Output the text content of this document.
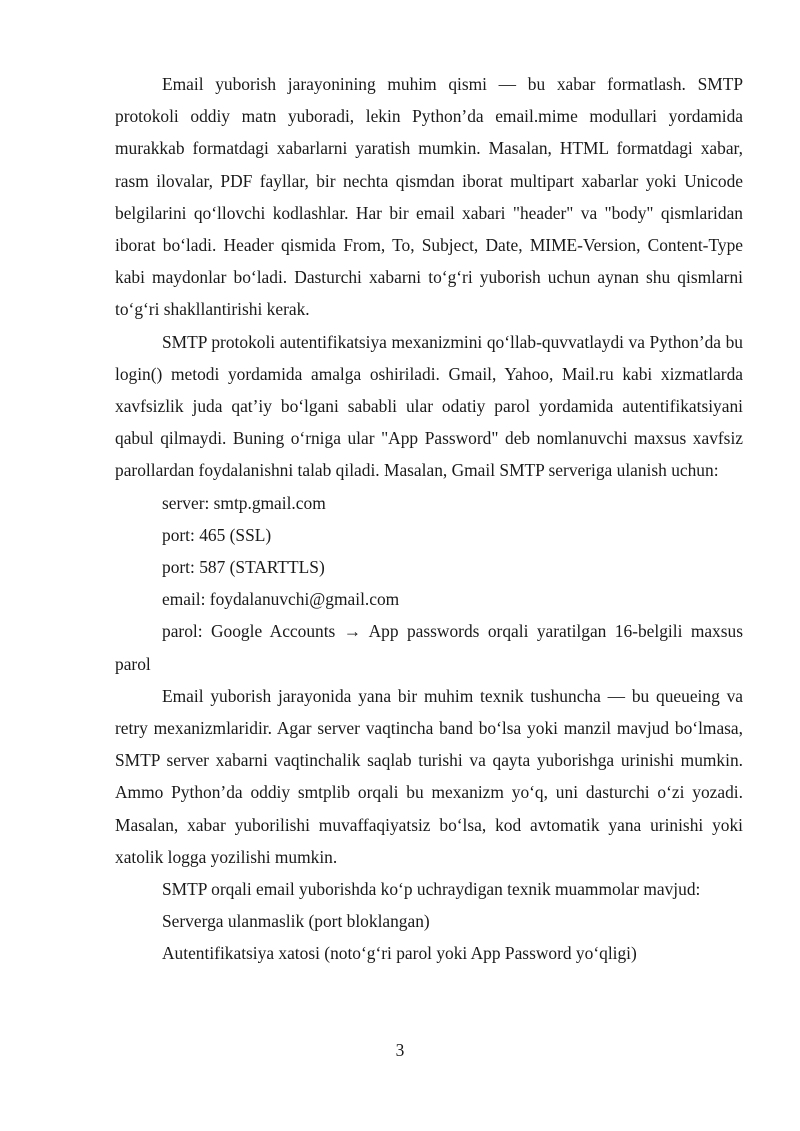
Email yuborish jarayonining muhim qismi — bu xabar formatlash. SMTP protokoli oddiy matn yuboradi, lekin Python’da email.mime modullari yordamida murakkab formatdagi xabarlarni yaratish mumkin. Masalan, HTML formatdagi xabar, rasm ilovalar, PDF fayllar, bir nechta qismdan iborat multipart xabarlar yoki Unicode belgilarini qo‘llovchi kodlashlar. Har bir email xabari "header" va "body" qismlaridan iborat bo‘ladi. Header qismida From, To, Subject, Date, MIME-Version, Content-Type kabi maydonlar bo‘ladi. Dasturchi xabarni to‘g‘ri yuborish uchun aynan shu qismlarni to‘g‘ri shakllantirishi kerak.

SMTP protokoli autentifikatsiya mexanizmini qo‘llab-quvvatlaydi va Python’da bu login() metodi yordamida amalga oshiriladi. Gmail, Yahoo, Mail.ru kabi xizmatlarda xavfsizlik juda qat’iy bo‘lgani sababli ular odatiy parol yordamida autentifikatsiyani qabul qilmaydi. Buning o‘rniga ular "App Password" deb nomlanuvchi maxsus xavfsiz parollardan foydalanishni talab qiladi. Masalan, Gmail SMTP serveriga ulanish uchun:

server: smtp.gmail.com

port: 465 (SSL)

port: 587 (STARTTLS)

email: foydalanuvchi@gmail.com

parol: Google Accounts → App passwords orqali yaratilgan 16-belgili maxsus parol

Email yuborish jarayonida yana bir muhim texnik tushuncha — bu queueing va retry mexanizmlaridir. Agar server vaqtincha band bo‘lsa yoki manzil mavjud bo‘lmasa, SMTP server xabarni vaqtinchalik saqlab turishi va qayta yuborishga urinishi mumkin. Ammo Python’da oddiy smtplib orqali bu mexanizm yo‘q, uni dasturchi o‘zi yozadi. Masalan, xabar yuborilishi muvaffaqiyatsiz bo‘lsa, kod avtomatik yana urinishi yoki xatolik logga yozilishi mumkin.

SMTP orqali email yuborishda ko‘p uchraydigan texnik muammolar mavjud:

Serverga ulanmaslik (port bloklangan)

Autentifikatsiya xatosi (noto‘g‘ri parol yoki App Password yo‘qligi)

3
